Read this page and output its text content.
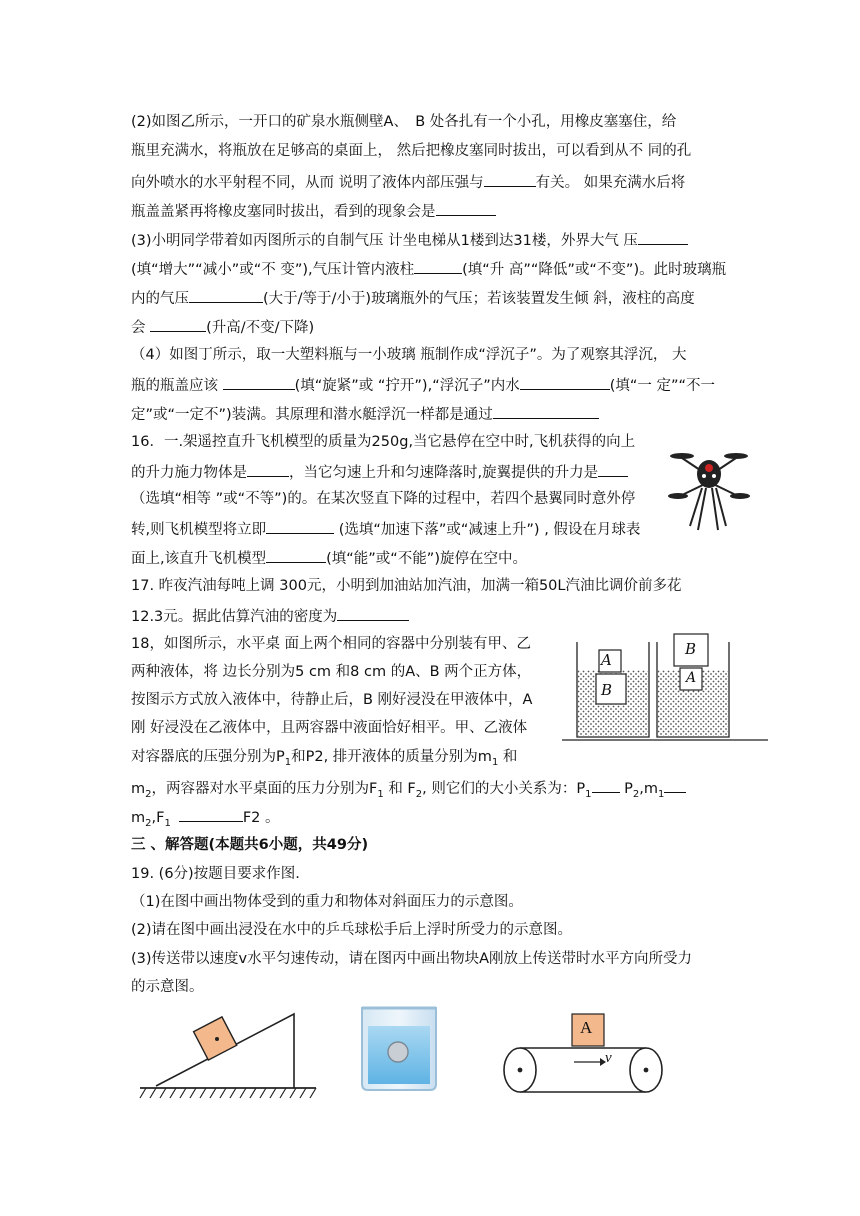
(2)如图乙所示，一开口的矿泉水瓶侧壁A、　B 处各扎有一个小孔，用橡皮塞塞住，给
瓶里充满水，将瓶放在足够高的桌面上， 然后把橡皮塞同时拔出，可以看到从不 同的孔
向外喷水的水平射程不同，从而 说明了液体内部压强与	有关。 如果充满水后将
瓶盖盖紧再将橡皮塞同时拔出，看到的现象会是
(3)小明同学带着如丙图所示的自制气压 计坐电梯从1楼到达31楼，外界大气 压
(填“增大”“减小”或“不 变”),气压计管内液柱	(填“升 高”“降低”或“不变”)。此时玻璃瓶
内的气压	(大于/等于/小于)玻璃瓶外的气压；若该装置发生倾 斜，液柱的高度
会	(升高/不变/下降)
（4）如图丁所示，取一大塑料瓶与一小玻璃 瓶制作成“浮沉子”。为了观察其浮沉， 大
瓶的瓶盖应该	(填“旋紧”或 “拧开”),“浮沉子”内水	(填“一 定”“不一
定”或“一定不”)装满。其原理和潜水艇浮沉一样都是通过
16．一.架遥控直升飞机模型的质量为250g,当它悬停在空中时,飞机获得的向上
的升力施力物体是	，当它匀速上升和匀速降落时,旋翼提供的升力是
（选填“相等 ”或“不等”)的。在某次竖直下降的过程中，若四个悬翼同时意外停
转,则飞机模型将立即	(选填“加速下落”或“减速上升”) , 假设在月球表
面上,该直升飞机模型	(填“能”或“不能”)旋停在空中。
17. 昨夜汽油每吨上调 300元，小明到加油站加汽油，加满一箱50L汽油比调价前多花
12.3元。据此估算汽油的密度为
18，如图所示，水平桌 面上两个相同的容器中分别装有甲、乙
两种液体，将 边长分别为5 cm 和8 cm 的A、B 两个正方体，
按图示方式放入液体中，待静止后，B 刚好浸没在甲液体中，A
刚 好浸没在乙液体中，且两容器中液面恰好相平。甲、乙液体
对容器底的压强分别为$P_1$和P2, 排开液体的质量分别为$m_1$ 和
$m_2$，两容器对水平桌面的压力分别为$F_1$ 和 $F_2$, 则它们的大小关系为：$P_1$ $P_2,m_1$
$m_2,F_1$	F2 。
A
B
B
A
三 、解答题(本题共6小题，共49分)
19. (6分)按题目要求作图.
（1)在图中画出物体受到的重力和物体对斜面压力的示意图。
(2)请在图中画出浸没在水中的乒乓球松手后上浮时所受力的示意图。
(3)传送带以速度v水平匀速传动，请在图丙中画出物块A刚放上传送带时水平方向所受力
的示意图。
A
v
